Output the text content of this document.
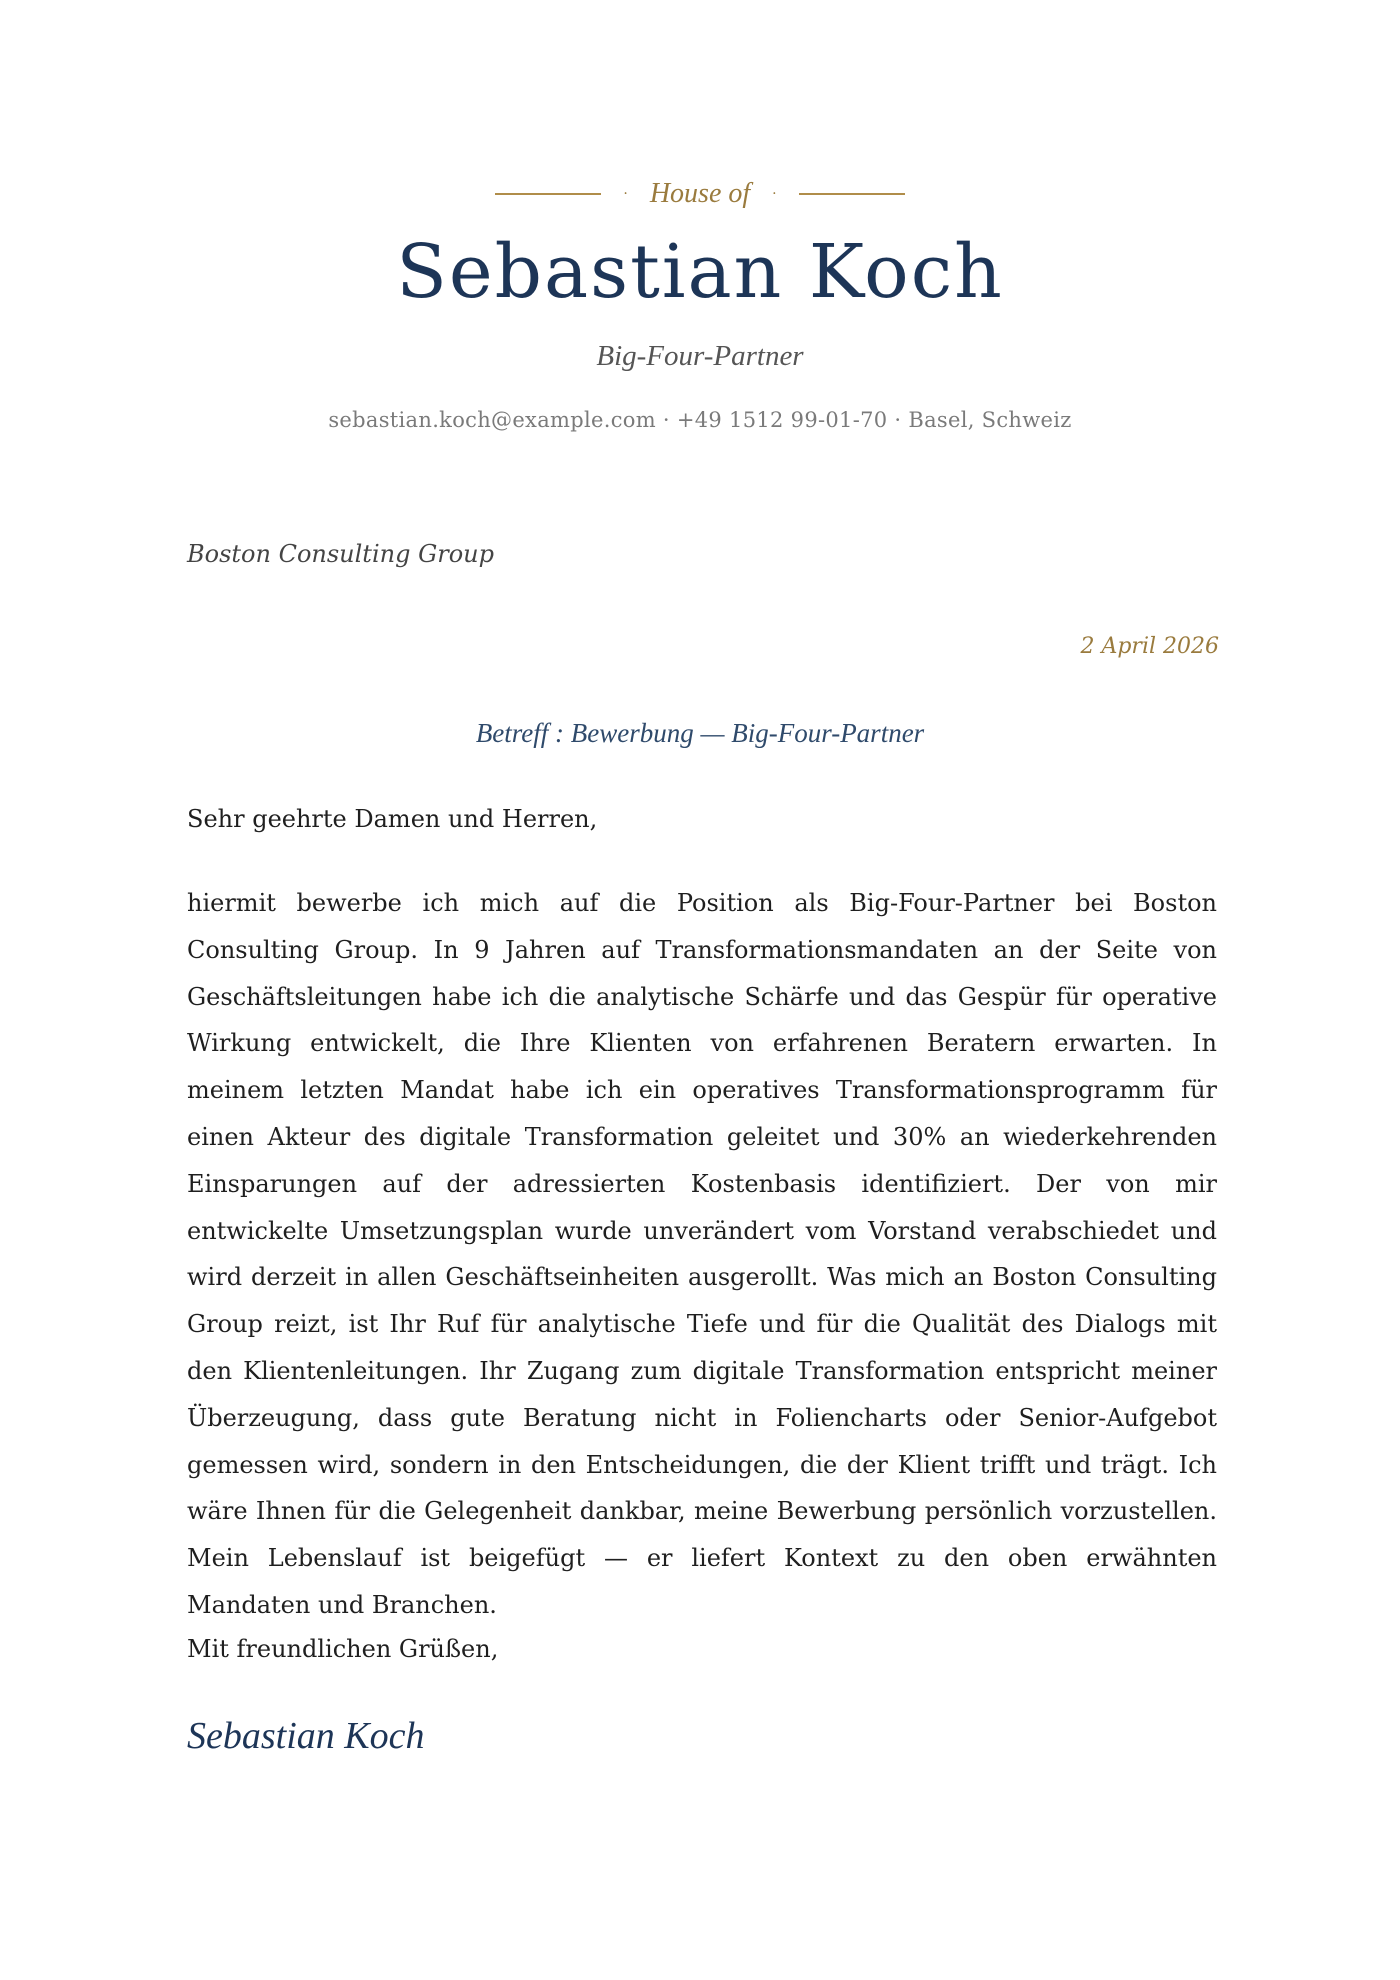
· House of ·
Sebastian Koch
Big-Four-Partner
sebastian.koch@example.com · +49 1512 99-01-70 · Basel, Schweiz
Boston Consulting Group
2 April 2026
Betreff : Bewerbung — Big-Four-Partner
Sehr geehrte Damen und Herren,

hiermit bewerbe ich mich auf die Position als Big-Four-Partner bei Boston Consulting Group. In 9 Jahren auf Transformationsmandaten an der Seite von Geschäftsleitungen habe ich die analytische Schärfe und das Gespür für operative Wirkung entwickelt, die Ihre Klienten von erfahrenen Beratern erwarten. In meinem letzten Mandat habe ich ein operatives Transformationsprogramm für einen Akteur des digitale Transformation geleitet und 30% an wiederkehrenden Einsparungen auf der adressierten Kostenbasis identifiziert. Der von mir entwickelte Umsetzungsplan wurde unverändert vom Vorstand verabschiedet und wird derzeit in allen Geschäftseinheiten ausgerollt. Was mich an Boston Consulting Group reizt, ist Ihr Ruf für analytische Tiefe und für die Qualität des Dialogs mit den Klientenleitungen. Ihr Zugang zum digitale Transformation entspricht meiner Überzeugung, dass gute Beratung nicht in Foliencharts oder Senior-Aufgebot gemessen wird, sondern in den Entscheidungen, die der Klient trifft und trägt. Ich wäre Ihnen für die Gelegenheit dankbar, meine Bewerbung persönlich vorzustellen. Mein Lebenslauf ist beigefügt — er liefert Kontext zu den oben erwähnten Mandaten und Branchen.

Mit freundlichen Grüßen,
Sebastian Koch
